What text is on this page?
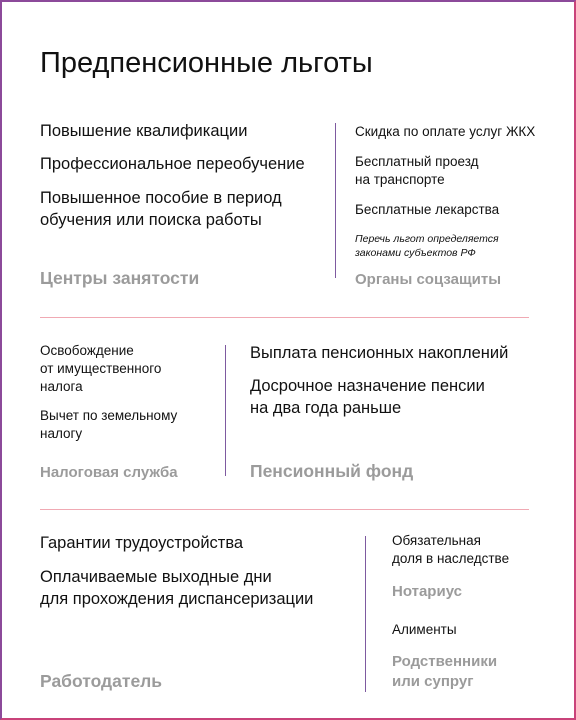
Предпенсионные льготы
Повышение квалификации
Профессиональное переобучение
Повышенное пособие в период
обучения или поиска работы
Центры занятости
Скидка по оплате услуг ЖКХ
Бесплатный проезд
на транспорте
Бесплатные лекарства
Перечь льгот определяется
законами субъектов РФ
Органы соцзащиты
Освобождение
от имущественного
налога
Вычет по земельному
налогу
Налоговая служба
Выплата пенсионных накоплений
Досрочное назначение пенсии
на два года раньше
Пенсионный фонд
Гарантии трудоустройства
Оплачиваемые выходные дни
для прохождения диспансеризации
Работодатель
Обязательная
доля в наследстве
Нотариус
Алименты
Родственники
или супруг
